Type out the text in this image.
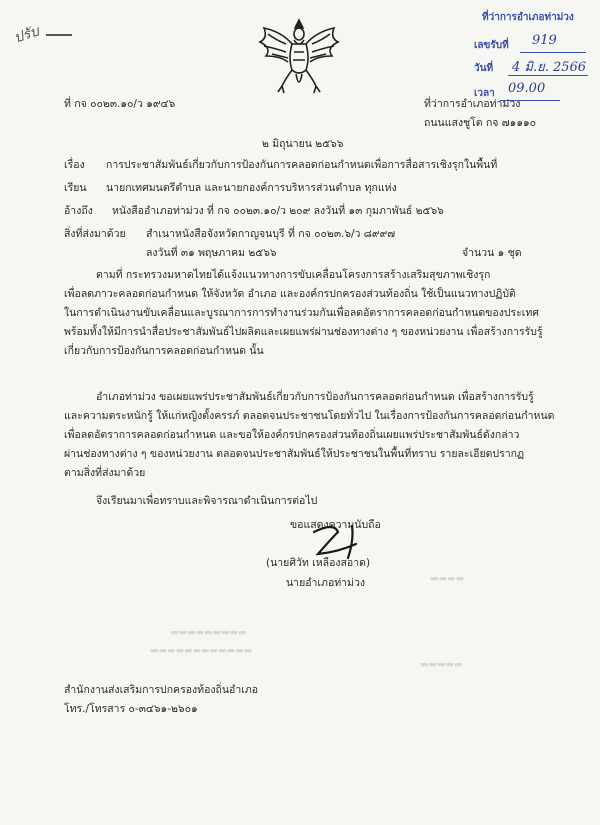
ปรับ
ที่ว่าการอำเภอท่าม่วง
เลขรับที่ 919
วันที่ 4 มิ.ย. 2566
เวลา 09.00
ที่ กจ ๐๐๒๓.๑๐/ว ๑๙๔๖	ที่ว่าการอำเภอท่าม่วง
ถนนแสงชูโต กจ ๗๑๑๑๐
๒ มิถุนายน ๒๕๖๖
เรื่อง การประชาสัมพันธ์เกี่ยวกับการป้องกันการคลอดก่อนกำหนดเพื่อการสื่อสารเชิงรุกในพื้นที่
เรียน นายกเทศมนตรีตำบล และนายกองค์การบริหารส่วนตำบล ทุกแห่ง
อ้างถึง หนังสืออำเภอท่าม่วง ที่ กจ ๐๐๒๓.๑๐/ว ๒๐๙ ลงวันที่ ๑๓ กุมภาพันธ์ ๒๕๖๖
สิ่งที่ส่งมาด้วย สำเนาหนังสือจังหวัดกาญจนบุรี ที่ กจ ๐๐๒๓.๖/ว ๘๙๙๗
ลงวันที่ ๓๑ พฤษภาคม ๒๕๖๖	จำนวน ๑ ชุด
ตามที่ กระทรวงมหาดไทยได้แจ้งแนวทางการขับเคลื่อนโครงการสร้างเสริมสุขภาพเชิงรุก
เพื่อลดภาวะคลอดก่อนกำหนด ให้จังหวัด อำเภอ และองค์กรปกครองส่วนท้องถิ่น ใช้เป็นแนวทางปฏิบัติ
ในการดำเนินงานขับเคลื่อนและบูรณาการการทำงานร่วมกันเพื่อลดอัตราการคลอดก่อนกำหนดของประเทศ
พร้อมทั้งให้มีการนำสื่อประชาสัมพันธ์ไปผลิตและเผยแพร่ผ่านช่องทางต่าง ๆ ของหน่วยงาน เพื่อสร้างการรับรู้
เกี่ยวกับการป้องกันการคลอดก่อนกำหนด นั้น
อำเภอท่าม่วง ขอเผยแพร่ประชาสัมพันธ์เกี่ยวกับการป้องกันการคลอดก่อนกำหนด เพื่อสร้างการรับรู้
และความตระหนักรู้ ให้แก่หญิงตั้งครรภ์ ตลอดจนประชาชนโดยทั่วไป ในเรื่องการป้องกันการคลอดก่อนกำหนด
เพื่อลดอัตราการคลอดก่อนกำหนด และขอให้องค์กรปกครองส่วนท้องถิ่นเผยแพร่ประชาสัมพันธ์ดังกล่าว
ผ่านช่องทางต่าง ๆ ของหน่วยงาน ตลอดจนประชาสัมพันธ์ให้ประชาชนในพื้นที่ทราบ รายละเอียดปรากฏ
ตามสิ่งที่ส่งมาด้วย
จึงเรียนมาเพื่อทราบและพิจารณาดำเนินการต่อไป
ขอแสดงความนับถือ
(นายศิวัท เหลืองสอาด)
นายอำเภอท่าม่วง	▬▬▬▬
▬▬▬▬▬▬▬▬▬
▬▬▬▬▬▬▬▬▬▬▬▬
▬▬▬▬▬
สำนักงานส่งเสริมการปกครองท้องถิ่นอำเภอ
โทร./โทรสาร ๐-๓๔๖๑-๒๖๐๑
